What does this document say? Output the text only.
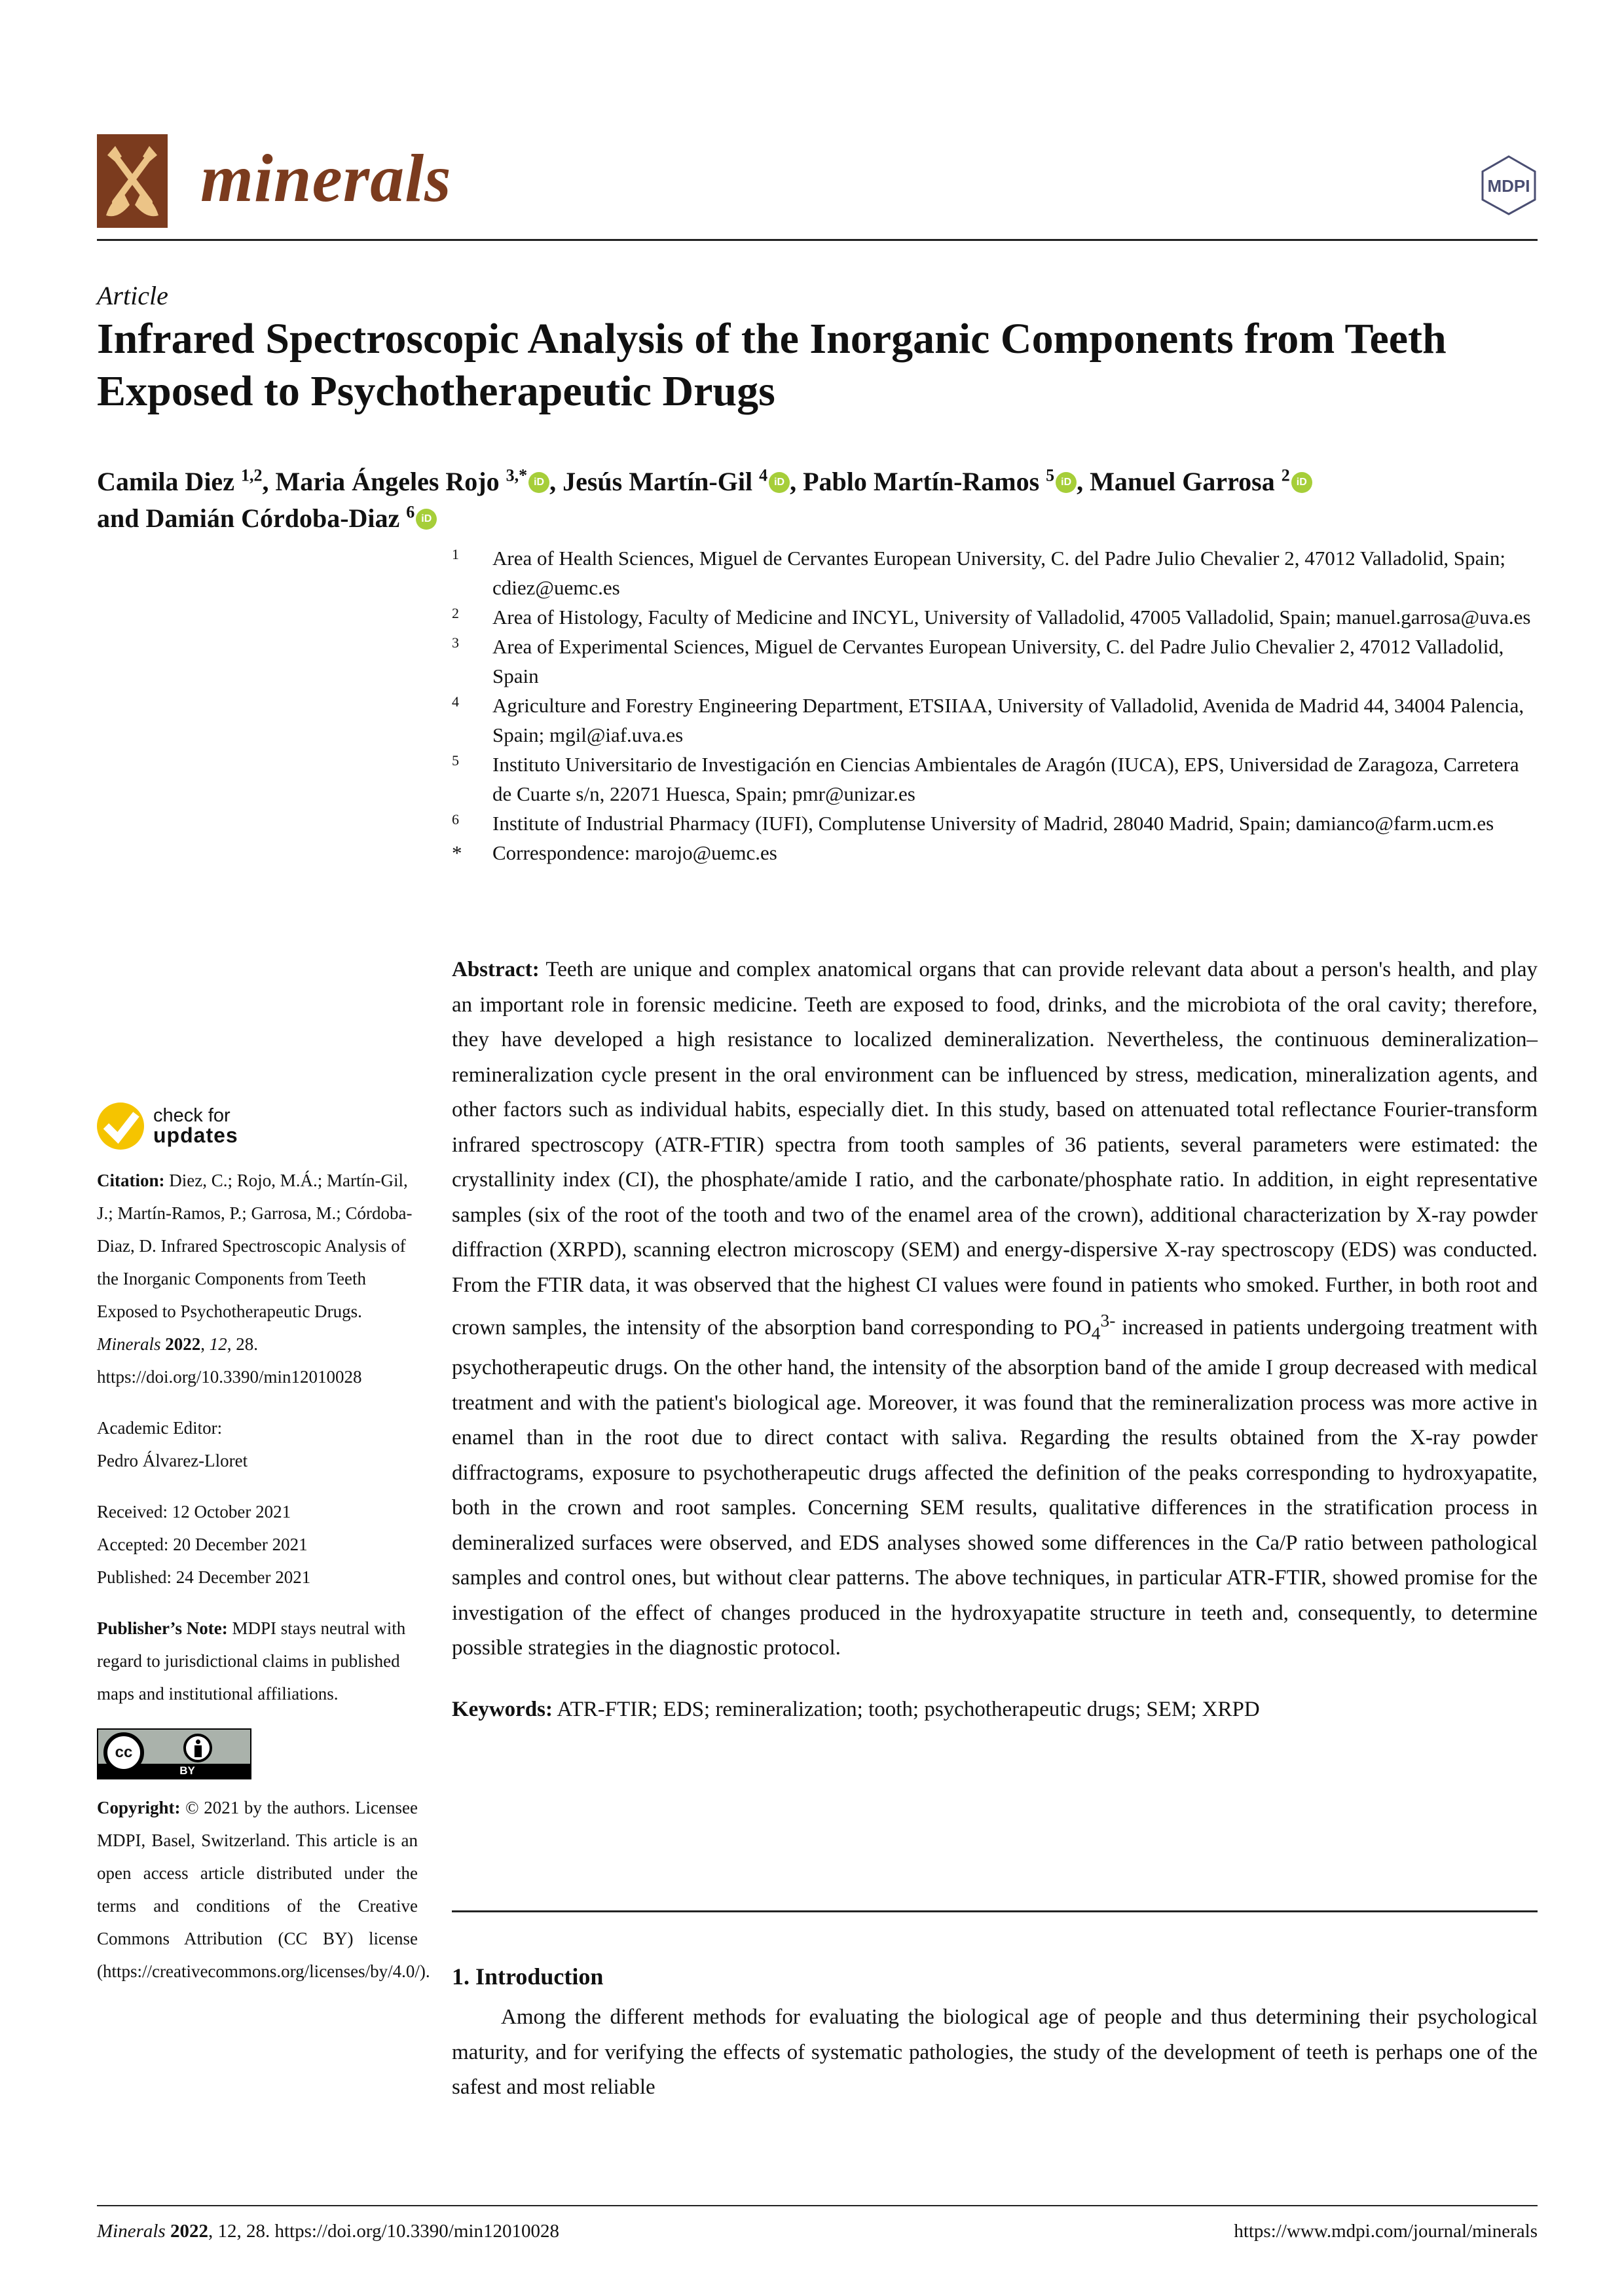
minerals	MDPI
Article
Infrared Spectroscopic Analysis of the Inorganic Components from Teeth Exposed to Psychotherapeutic Drugs
Camila Diez $^{1,2}$, Maria Ángeles Rojo $^{3,*}$ iD , Jesús Martín-Gil $^4$ iD , Pablo Martín-Ramos $^5$ iD , Manuel Garrosa $^2$ iD
and Damián Córdoba-Diaz $^6$ iD
1 Area of Health Sciences, Miguel de Cervantes European University, C. del Padre Julio Chevalier 2, 47012 Valladolid, Spain; cdiez@uemc.es
2 Area of Histology, Faculty of Medicine and INCYL, University of Valladolid, 47005 Valladolid, Spain; manuel.garrosa@uva.es
3 Area of Experimental Sciences, Miguel de Cervantes European University, C. del Padre Julio Chevalier 2, 47012 Valladolid, Spain
4 Agriculture and Forestry Engineering Department, ETSIIAA, University of Valladolid, Avenida de Madrid 44, 34004 Palencia, Spain; mgil@iaf.uva.es
5 Instituto Universitario de Investigación en Ciencias Ambientales de Aragón (IUCA), EPS, Universidad de Zaragoza, Carretera de Cuarte s/n, 22071 Huesca, Spain; pmr@unizar.es
6 Institute of Industrial Pharmacy (IUFI), Complutense University of Madrid, 28040 Madrid, Spain; damianco@farm.ucm.es
* Correspondence: marojo@uemc.es
check for
updates
Citation: Diez, C.; Rojo, M.Á.; Martín-Gil, J.; Martín-Ramos, P.; Garrosa, M.; Córdoba-Diaz, D. Infrared Spectroscopic Analysis of the Inorganic Components from Teeth Exposed to Psychotherapeutic Drugs. Minerals 2022, 12, 28. https://doi.org/10.3390/min12010028
Academic Editor:
Pedro Álvarez-Lloret
Received: 12 October 2021
Accepted: 20 December 2021
Published: 24 December 2021
Publisher’s Note: MDPI stays neutral with regard to jurisdictional claims in published maps and institutional affiliations.
cc
BY
Copyright: © 2021 by the authors. Licensee MDPI, Basel, Switzerland. This article is an open access article distributed under the terms and conditions of the Creative Commons Attribution (CC BY) license (https://creativecommons.org/licenses/by/4.0/).

Abstract: Teeth are unique and complex anatomical organs that can provide relevant data about a person's health, and play an important role in forensic medicine. Teeth are exposed to food, drinks, and the microbiota of the oral cavity; therefore, they have developed a high resistance to localized demineralization. Nevertheless, the continuous demineralization–remineralization cycle present in the oral environment can be influenced by stress, medication, mineralization agents, and other factors such as individual habits, especially diet. In this study, based on attenuated total reflectance Fourier-transform infrared spectroscopy (ATR-FTIR) spectra from tooth samples of 36 patients, several parameters were estimated: the crystallinity index (CI), the phosphate/amide I ratio, and the carbonate/phosphate ratio. In addition, in eight representative samples (six of the root of the tooth and two of the enamel area of the crown), additional characterization by X-ray powder diffraction (XRPD), scanning electron microscopy (SEM) and energy-dispersive X-ray spectroscopy (EDS) was conducted. From the FTIR data, it was observed that the highest CI values were found in patients who smoked. Further, in both root and crown samples, the intensity of the absorption band corresponding to $PO_4^{3-}$ increased in patients undergoing treatment with psychotherapeutic drugs. On the other hand, the intensity of the absorption band of the amide I group decreased with medical treatment and with the patient's biological age. Moreover, it was found that the remineralization process was more active in enamel than in the root due to direct contact with saliva. Regarding the results obtained from the X-ray powder diffractograms, exposure to psychotherapeutic drugs affected the definition of the peaks corresponding to hydroxyapatite, both in the crown and root samples. Concerning SEM results, qualitative differences in the stratification process in demineralized surfaces were observed, and EDS analyses showed some differences in the Ca/P ratio between pathological samples and control ones, but without clear patterns. The above techniques, in particular ATR-FTIR, showed promise for the investigation of the effect of changes produced in the hydroxyapatite structure in teeth and, consequently, to determine possible strategies in the diagnostic protocol.

Keywords: ATR-FTIR; EDS; remineralization; tooth; psychotherapeutic drugs; SEM; XRPD

1. Introduction

Among the different methods for evaluating the biological age of people and thus determining their psychological maturity, and for verifying the effects of systematic pathologies, the study of the development of teeth is perhaps one of the safest and most reliable

Minerals 2022, 12, 28. https://doi.org/10.3390/min12010028	https://www.mdpi.com/journal/minerals
